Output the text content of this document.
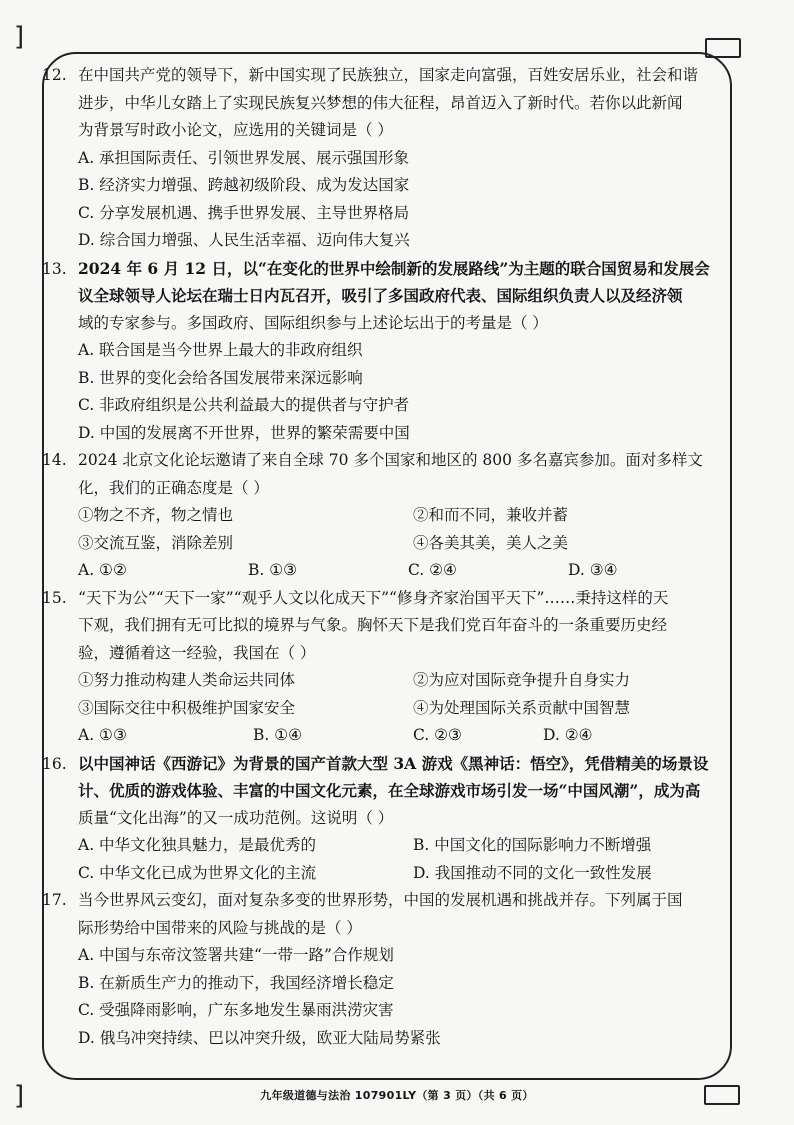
]
]
12. 在中国共产党的领导下，新中国实现了民族独立，国家走向富强，百姓安居乐业，社会和谐
进步，中华儿女踏上了实现民族复兴梦想的伟大征程，昂首迈入了新时代。若你以此新闻
为背景写时政小论文，应选用的关键词是（ ）
A. 承担国际责任、引领世界发展、展示强国形象
B. 经济实力增强、跨越初级阶段、成为发达国家
C. 分享发展机遇、携手世界发展、主导世界格局
D. 综合国力增强、人民生活幸福、迈向伟大复兴
13. 2024 年 6 月 12 日，以“在变化的世界中绘制新的发展路线”为主题的联合国贸易和发展会
议全球领导人论坛在瑞士日内瓦召开，吸引了多国政府代表、国际组织负责人以及经济领
域的专家参与。多国政府、国际组织参与上述论坛出于的考量是（ ）
A. 联合国是当今世界上最大的非政府组织
B. 世界的变化会给各国发展带来深远影响
C. 非政府组织是公共利益最大的提供者与守护者
D. 中国的发展离不开世界，世界的繁荣需要中国
14. 2024 北京文化论坛邀请了来自全球 70 多个国家和地区的 800 多名嘉宾参加。面对多样文
化，我们的正确态度是（ ）
①物之不齐，物之情也	②和而不同，兼收并蓄
③交流互鉴，消除差别	④各美其美，美人之美
A. ①②	B. ①③	C. ②④	D. ③④
15. “天下为公”“天下一家”“观乎人文以化成天下”“修身齐家治国平天下”……秉持这样的天
下观，我们拥有无可比拟的境界与气象。胸怀天下是我们党百年奋斗的一条重要历史经
验，遵循着这一经验，我国在（ ）
①努力推动构建人类命运共同体	②为应对国际竞争提升自身实力
③国际交往中积极维护国家安全	④为处理国际关系贡献中国智慧
A. ①③	B. ①④	C. ②③	D. ②④
16. 以中国神话《西游记》为背景的国产首款大型 3A 游戏《黑神话：悟空》，凭借精美的场景设
计、优质的游戏体验、丰富的中国文化元素，在全球游戏市场引发一场“中国风潮”，成为高
质量“文化出海”的又一成功范例。这说明（ ）
A. 中华文化独具魅力，是最优秀的	B. 中国文化的国际影响力不断增强
C. 中华文化已成为世界文化的主流	D. 我国推动不同的文化一致性发展
17. 当今世界风云变幻，面对复杂多变的世界形势，中国的发展机遇和挑战并存。下列属于国
际形势给中国带来的风险与挑战的是（ ）
A. 中国与东帝汶签署共建“一带一路”合作规划
B. 在新质生产力的推动下，我国经济增长稳定
C. 受强降雨影响，广东多地发生暴雨洪涝灾害
D. 俄乌冲突持续、巴以冲突升级，欧亚大陆局势紧张
九年级道德与法治 107901LY（第 3 页）（共 6 页）
